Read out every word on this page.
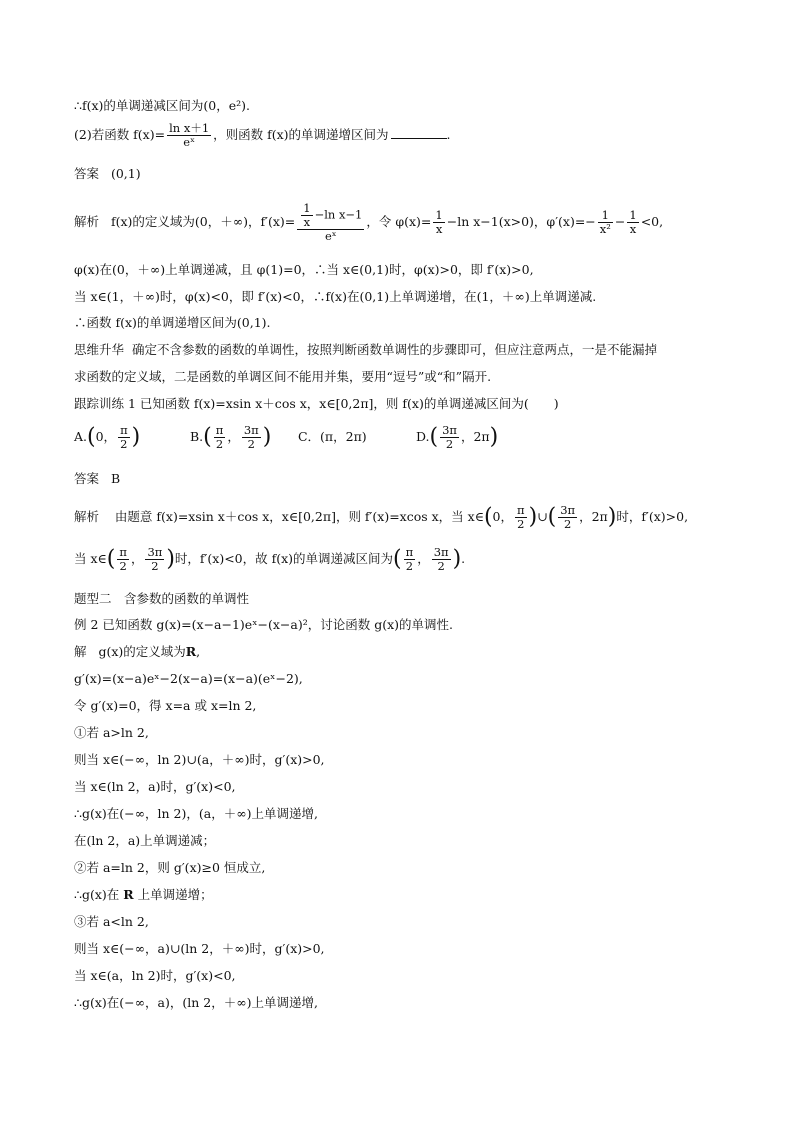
∴f(x)的单调递减区间为(0，e²).
(2)若函数 $f(x)= \frac{\text{ln x＋1}}{\text{eˣ}}$ ，则函数 f(x)的单调递增区间为	.
答案 (0,1)
解析 f(x)的定义域为(0，＋∞)，$f'(x)= \frac{\frac{1}{x} -\ln x-1}{\text{eˣ}}$ ，令 $\varphi(x)= \frac{1}{x} -\ln$ x−1(x>0)，$\varphi'(x)=- \frac{1}{\text{x²}} - \frac{1}{x} <0$,
φ(x)在(0，＋∞)上单调递减，且 φ(1)=0，∴当 x∈(0,1)时，φ(x)>0，即 f′(x)>0,
当 x∈(1，＋∞)时，φ(x)<0，即 f′(x)<0，∴f(x)在(0,1)上单调递增，在(1，＋∞)上单调递减.
∴函数 f(x)的单调递增区间为(0,1).
思维升华 确定不含参数的函数的单调性，按照判断函数单调性的步骤即可，但应注意两点，一是不能漏掉
求函数的定义域，二是函数的单调区间不能用并集，要用“逗号”或“和”隔开.
跟踪训练 1 已知函数 f(x)=xsin x＋cos x，x∈[0,2π]，则 f(x)的单调递减区间为(　　)
A.(0， $\frac{\pi}{2}$ )	$B.( \frac{\pi}{2}$ ， $\frac{3\pi}{2}$ ) C．(π，2π)	$D.( \frac{3\pi}{2}$ ，2π)
答案 B
解析 由题意 f(x)=xsin x＋cos x，x∈[0,2π]，则 f′(x)=xcos x，当 x∈(0， $\frac{\pi}{2}$ )∪( $\frac{3\pi}{2}$ ，2π)时，f′(x)>0,
当 x∈( $\frac{\pi}{2}$ ， $\frac{3\pi}{2}$ )时，f′(x)<0，故 f(x)的单调递减区间为( $\frac{\pi}{2}$ ， $\frac{3\pi}{2}$ ).
题型二　含参数的函数的单调性
例 2 已知函数 g(x)=(x−a−1)eˣ−(x−a)²，讨论函数 g(x)的单调性.
解 g(x)的定义域为R,
g′(x)=(x−a)eˣ−2(x−a)=(x−a)(eˣ−2),
令 g′(x)=0，得 x=a 或 x=ln 2,
①若 a>ln 2,
则当 x∈(−∞，ln 2)∪(a，＋∞)时，g′(x)>0,
当 x∈(ln 2，a)时，g′(x)<0,
∴g(x)在(−∞，ln 2)，(a，＋∞)上单调递增,
在(ln 2，a)上单调递减；
②若 a=ln 2，则 g′(x)≥0 恒成立,
∴g(x)在 R 上单调递增；
③若 a<ln 2,
则当 x∈(−∞，a)∪(ln 2，＋∞)时，g′(x)>0,
当 x∈(a，ln 2)时，g′(x)<0,
∴g(x)在(−∞，a)，(ln 2，＋∞)上单调递增,
